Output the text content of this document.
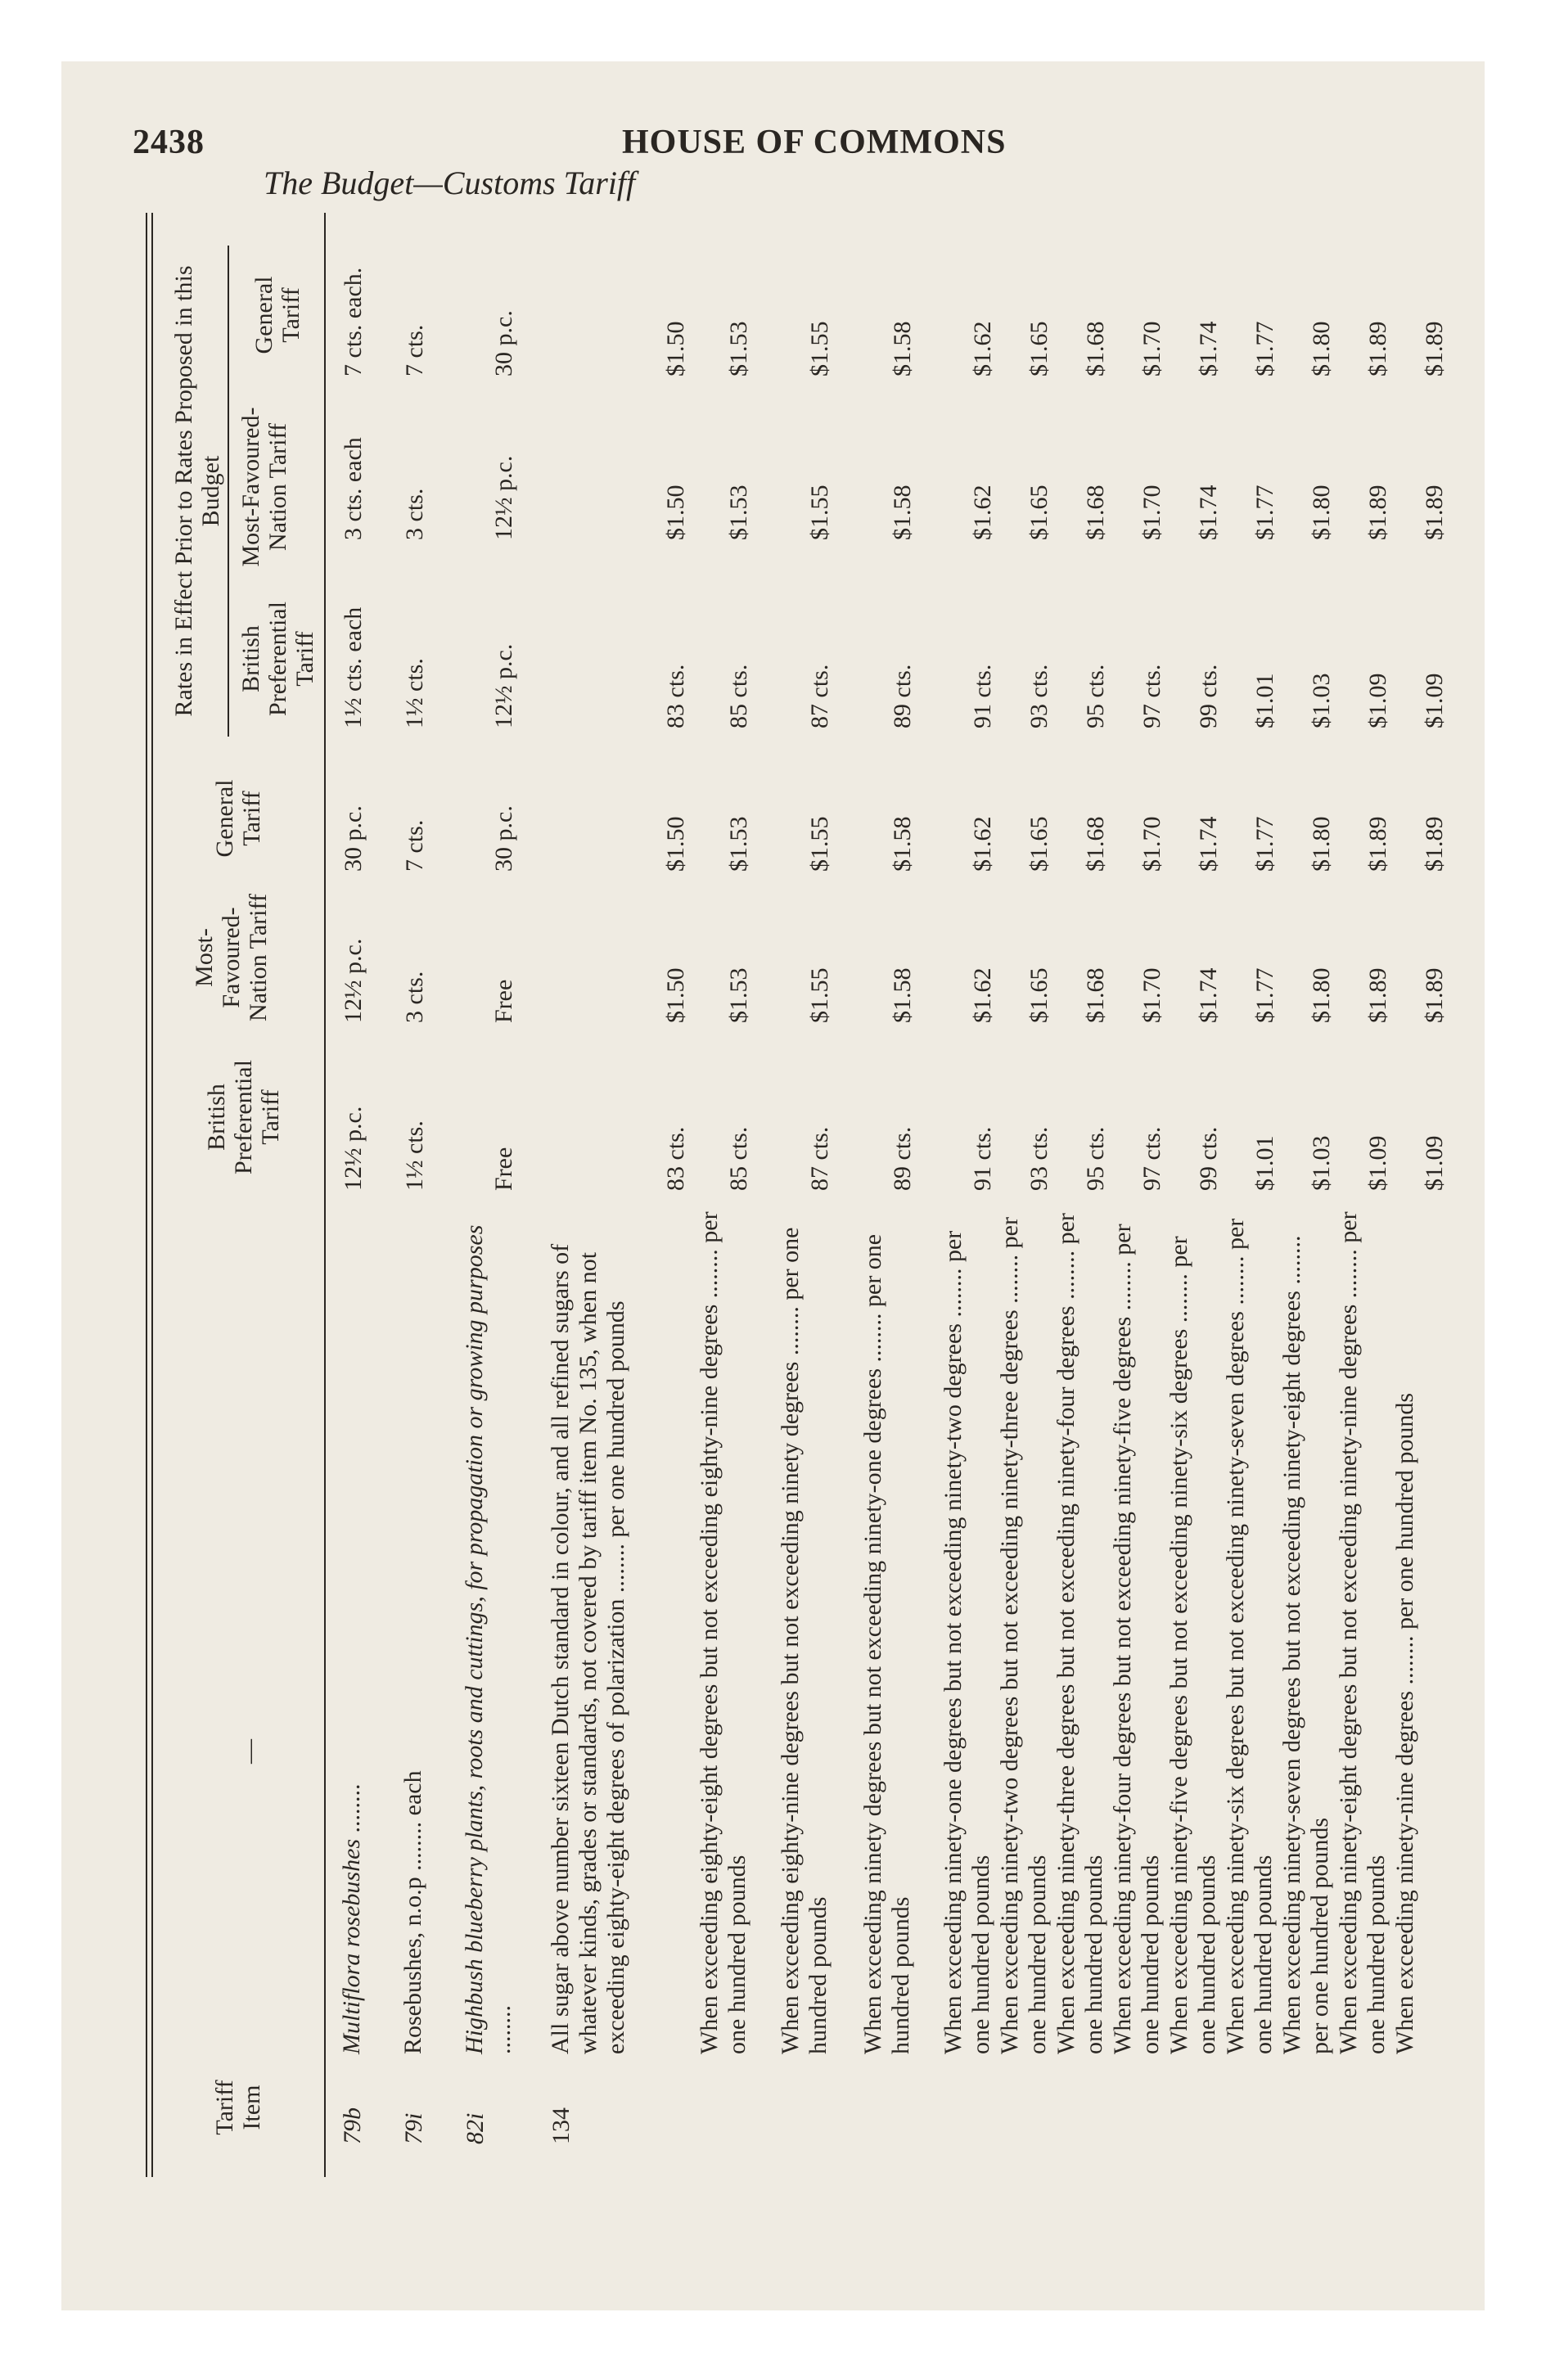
2438	HOUSE OF COMMONS
The Budget—Customs Tariff
Tariff Item
—
British Preferential Tariff
Most-Favoured-Nation Tariff
General Tariff
Rates in Effect Prior to Rates Proposed in this Budget
British Preferential Tariff
Most-Favoured-Nation Tariff
General Tariff
79b
Multiflora rosebushes ........
12½ p.c.
12½ p.c.
30 p.c.
1½ cts. each
3 cts. each
7 cts. each.
79i
Rosebushes, n.o.p ........ each
1½ cts.
3 cts.
7 cts.
1½ cts.
3 cts.
7 cts.
82i
Highbush blueberry plants, roots and cuttings, for propagation or growing purposes ........
Free
Free
30 p.c.
12½ p.c.
12½ p.c.
30 p.c.
134
All sugar above number sixteen Dutch standard in colour, and all refined sugars of whatever kinds, grades or standards, not covered by tariff item No. 135, when not exceeding eighty-eight degrees of polarization ........ per one hundred pounds
83 cts.
$1.50
$1.50
83 cts.
$1.50
$1.50
When exceeding eighty-eight degrees but not exceeding eighty-nine degrees ........ per one hundred pounds
85 cts.
$1.53
$1.53
85 cts.
$1.53
$1.53
When exceeding eighty-nine degrees but not exceeding ninety degrees ........ per one hundred pounds
87 cts.
$1.55
$1.55
87 cts.
$1.55
$1.55
When exceeding ninety degrees but not exceeding ninety-one degrees ........ per one hundred pounds
89 cts.
$1.58
$1.58
89 cts.
$1.58
$1.58
When exceeding ninety-one degrees but not exceeding ninety-two degrees ........ per one hundred pounds
91 cts.
$1.62
$1.62
91 cts.
$1.62
$1.62
When exceeding ninety-two degrees but not exceeding ninety-three degrees ........ per one hundred pounds
93 cts.
$1.65
$1.65
93 cts.
$1.65
$1.65
When exceeding ninety-three degrees but not exceeding ninety-four degrees ........ per one hundred pounds
95 cts.
$1.68
$1.68
95 cts.
$1.68
$1.68
When exceeding ninety-four degrees but not exceeding ninety-five degrees ........ per one hundred pounds
97 cts.
$1.70
$1.70
97 cts.
$1.70
$1.70
When exceeding ninety-five degrees but not exceeding ninety-six degrees ........ per one hundred pounds
99 cts.
$1.74
$1.74
99 cts.
$1.74
$1.74
When exceeding ninety-six degrees but not exceeding ninety-seven degrees ........ per one hundred pounds
$1.01
$1.77
$1.77
$1.01
$1.77
$1.77
When exceeding ninety-seven degrees but not exceeding ninety-eight degrees ........ per one hundred pounds
$1.03
$1.80
$1.80
$1.03
$1.80
$1.80
When exceeding ninety-eight degrees but not exceeding ninety-nine degrees ........ per one hundred pounds
$1.09
$1.89
$1.89
$1.09
$1.89
$1.89
When exceeding ninety-nine degrees ........ per one hundred pounds
$1.09
$1.89
$1.89
$1.09
$1.89
$1.89
